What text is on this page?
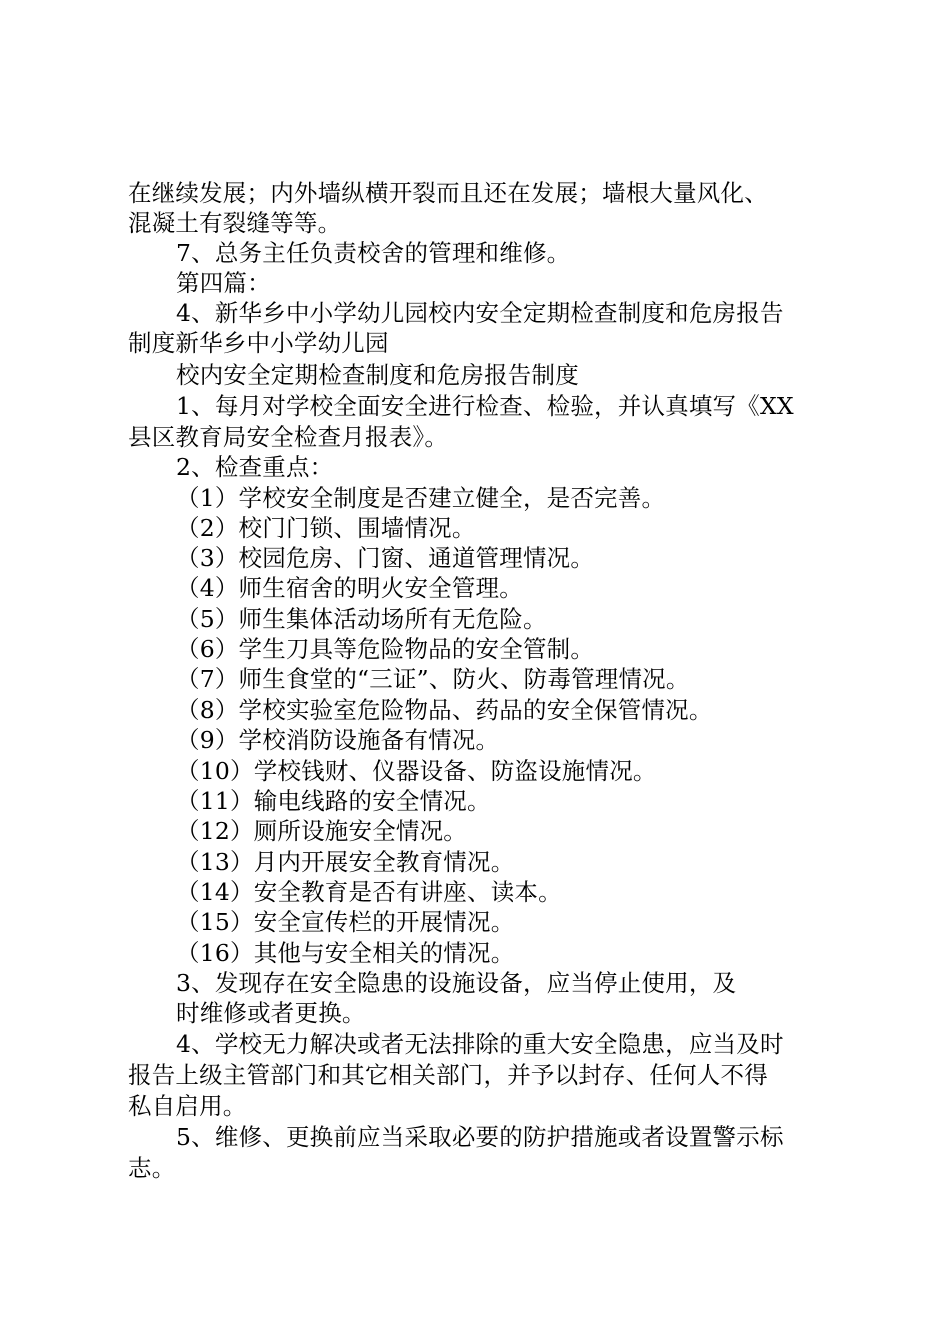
在继续发展；内外墙纵横开裂而且还在发展；墙根大量风化、
混凝土有裂缝等等。
7、总务主任负责校舍的管理和维修。
第四篇：
4、新华乡中小学幼儿园校内安全定期检查制度和危房报告
制度新华乡中小学幼儿园
校内安全定期检查制度和危房报告制度
1、每月对学校全面安全进行检查、检验，并认真填写《XX
县区教育局安全检查月报表》。
2、检查重点：
（1）学校安全制度是否建立健全，是否完善。
（2）校门门锁、围墙情况。
（3）校园危房、门窗、通道管理情况。
（4）师生宿舍的明火安全管理。
（5）师生集体活动场所有无危险。
（6）学生刀具等危险物品的安全管制。
（7）师生食堂的“三证”、防火、防毒管理情况。
（8）学校实验室危险物品、药品的安全保管情况。
（9）学校消防设施备有情况。
（10）学校钱财、仪器设备、防盗设施情况。
（11）输电线路的安全情况。
（12）厕所设施安全情况。
（13）月内开展安全教育情况。
（14）安全教育是否有讲座、读本。
（15）安全宣传栏的开展情况。
（16）其他与安全相关的情况。
3、发现存在安全隐患的设施设备，应当停止使用，及
时维修或者更换。
4、学校无力解决或者无法排除的重大安全隐患，应当及时
报告上级主管部门和其它相关部门，并予以封存、任何人不得
私自启用。
5、维修、更换前应当采取必要的防护措施或者设置警示标
志。
